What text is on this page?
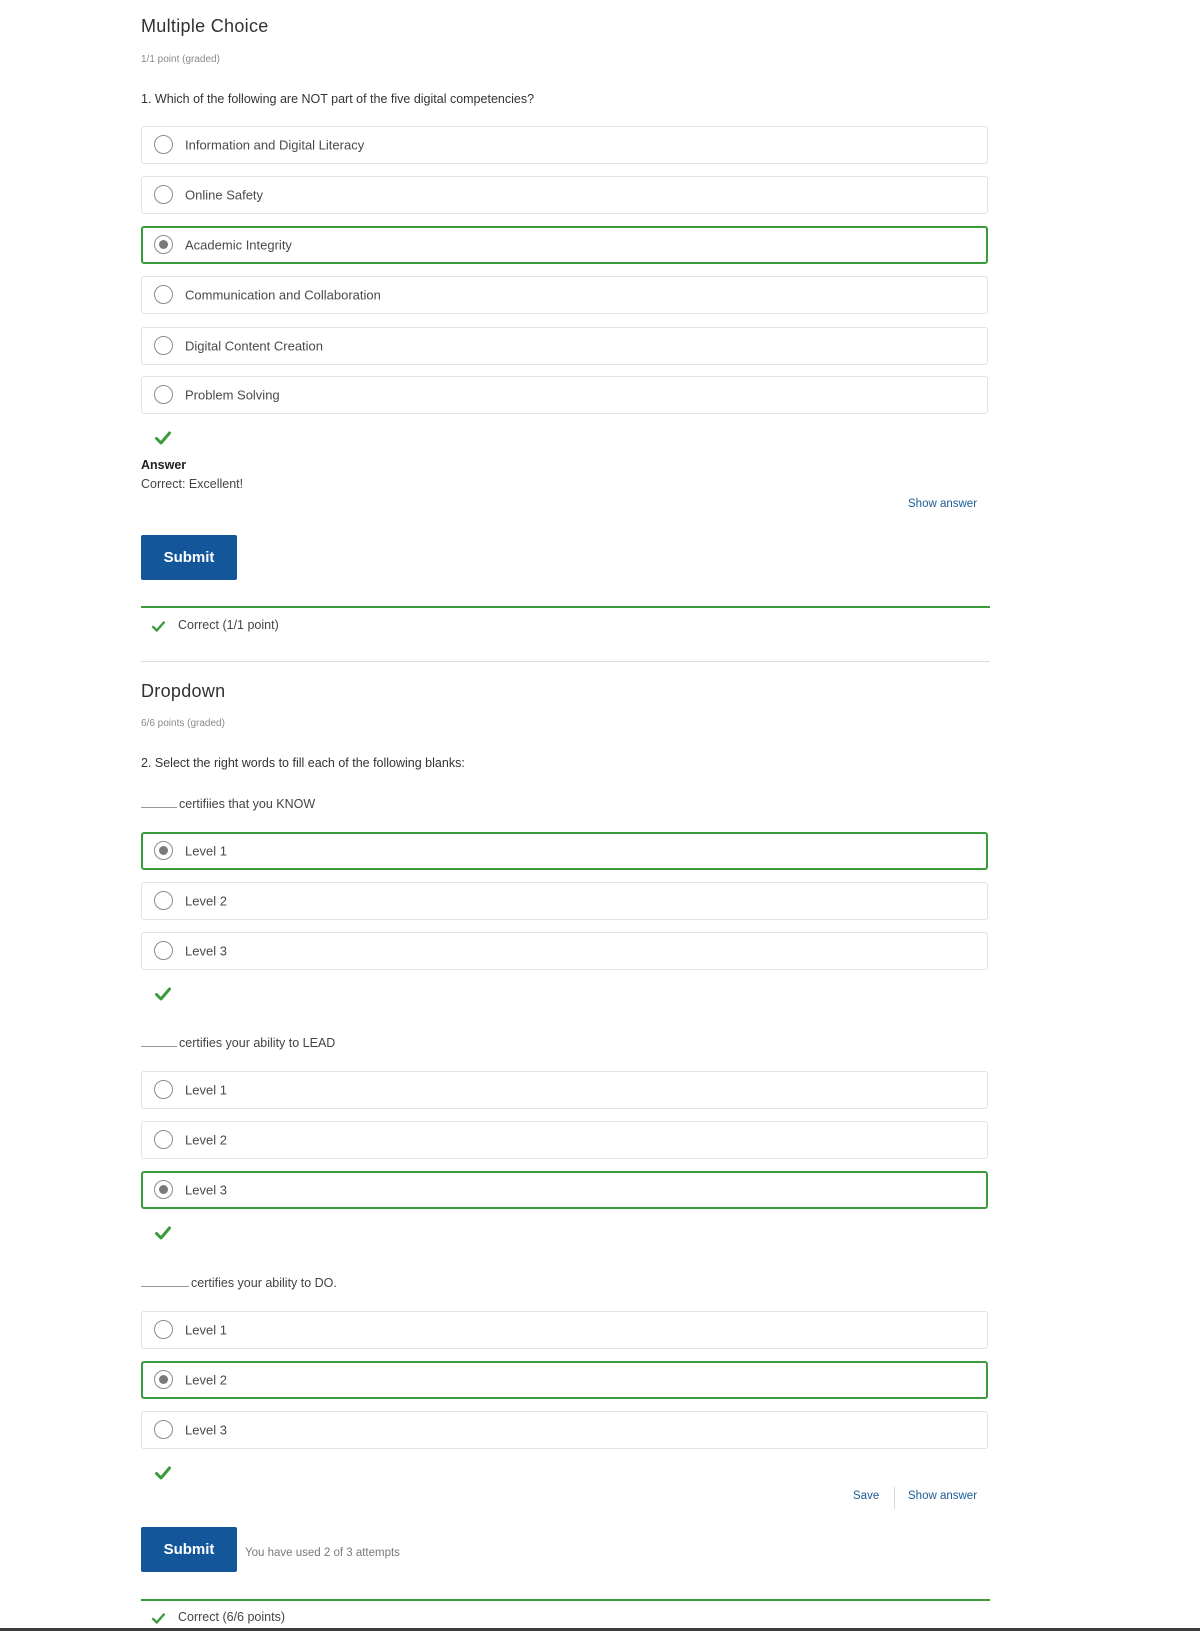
Multiple Choice
1/1 point (graded)
1. Which of the following are NOT part of the five digital competencies?
Information and Digital Literacy
Online Safety
Academic Integrity
Communication and Collaboration
Digital Content Creation
Problem Solving
Answer
Correct: Excellent!
Show answer
Submit
Correct (1/1 point)
Dropdown
6/6 points (graded)
2. Select the right words to fill each of the following blanks:
certifiies that you KNOW
Level 1
Level 2
Level 3
certifies your ability to LEAD
Level 1
Level 2
Level 3
certifies your ability to DO.
Level 1
Level 2
Level 3
Save	Show answer
Submit	You have used 2 of 3 attempts
Correct (6/6 points)
